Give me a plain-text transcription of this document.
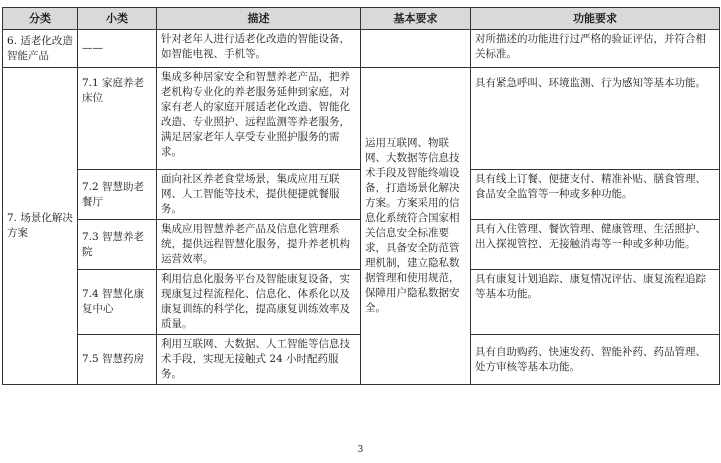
分类	小类	描述	基本要求	功能要求
6. 适老化改造智能产品	——	针对老年人进行适老化改造的智能设备，如智能电视、手机等。		对所描述的功能进行过严格的验证评估，并符合相关标准。
7. 场景化解决方案	7.1 家庭养老床位	集成多种居家安全和智慧养老产品，把养老机构专业化的养老服务延伸到家庭，对家有老人的家庭开展适老化改造、智能化改造、专业照护、远程监测等养老服务，满足居家老年人享受专业照护服务的需求。	运用互联网、物联网、大数据等信息技术手段及智能终端设备，打造场景化解决方案。方案采用的信息化系统符合国家相关信息安全标准要求，具备安全防范管理机制，建立隐私数据管理和使用规范，保障用户隐私数据安全。	具有紧急呼叫、环境监测、行为感知等基本功能。
	7.2 智慧助老餐厅	面向社区养老食堂场景，集成应用互联网、人工智能等技术，提供便捷就餐服务。		具有线上订餐、便捷支付、精准补贴、膳食管理、食品安全监管等一种或多种功能。
	7.3 智慧养老院	集成应用智慧养老产品及信息化管理系统，提供远程智慧化服务，提升养老机构运营效率。		具有入住管理、餐饮管理、健康管理、生活照护、出入探视管控、无接触消毒等一种或多种功能。
	7.4 智慧化康复中心	利用信息化服务平台及智能康复设备，实现康复过程流程化、信息化、体系化以及康复训练的科学化，提高康复训练效率及质量。		具有康复计划追踪、康复情况评估、康复流程追踪等基本功能。
	7.5 智慧药房	利用互联网、大数据、人工智能等信息技术手段，实现无接触式 24 小时配药服务。		具有自助购药、快速发药、智能补药、药品管理、处方审核等基本功能。
3
